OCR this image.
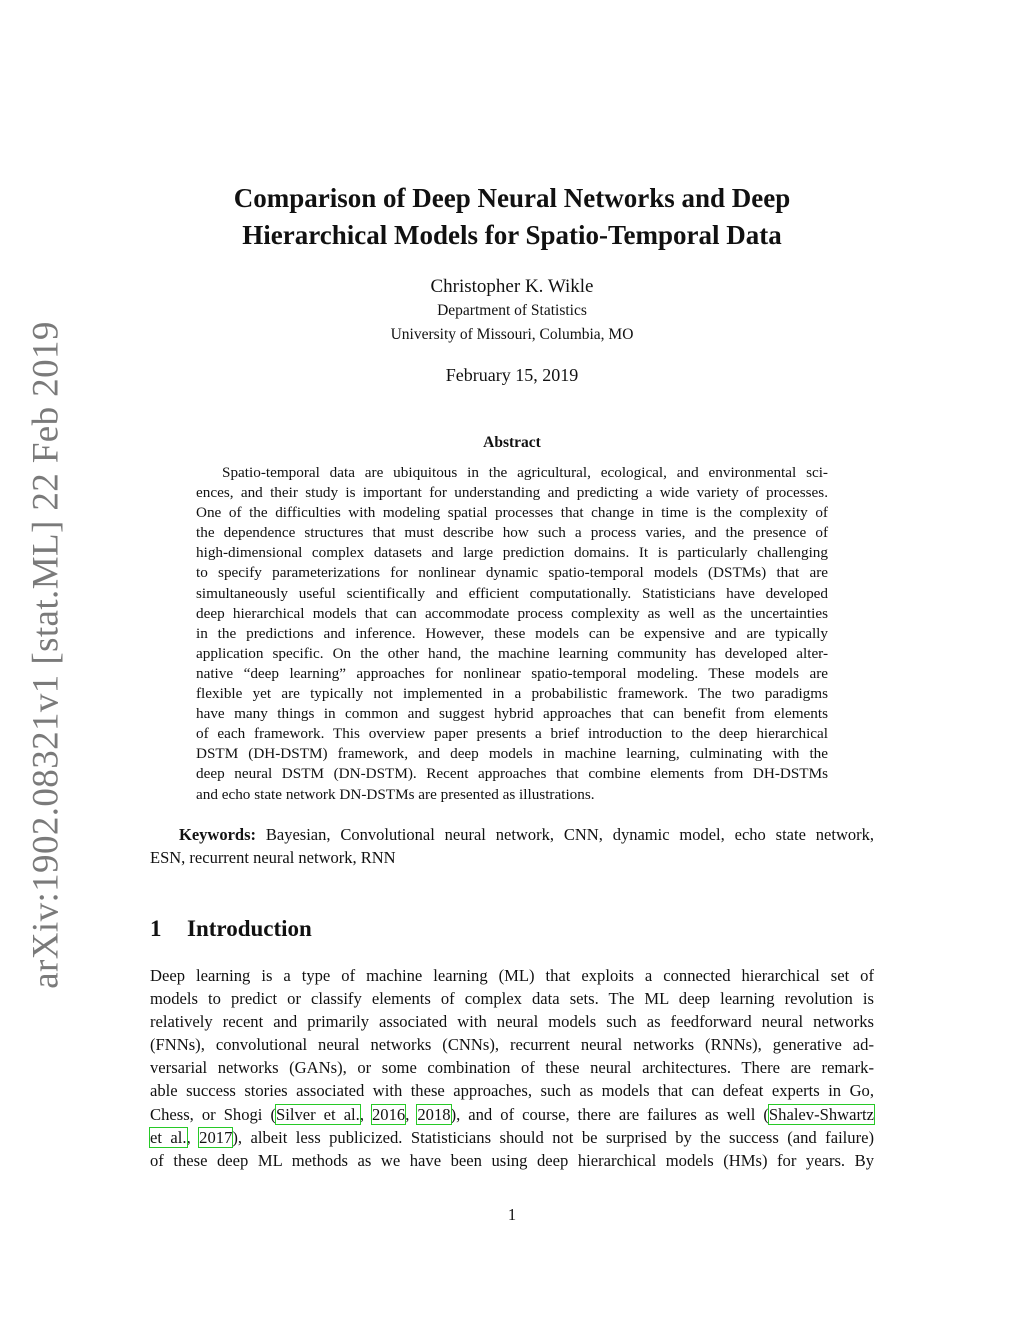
arXiv:1902.08321v1 [stat.ML] 22 Feb 2019
Comparison of Deep Neural Networks and Deep
Hierarchical Models for Spatio-Temporal Data
Christopher K. Wikle
Department of Statistics
University of Missouri, Columbia, MO
February 15, 2019
Abstract
Spatio-temporal data are ubiquitous in the agricultural, ecological, and environmental sci-
ences, and their study is important for understanding and predicting a wide variety of processes.
One of the difficulties with modeling spatial processes that change in time is the complexity of
the dependence structures that must describe how such a process varies, and the presence of
high-dimensional complex datasets and large prediction domains. It is particularly challenging
to specify parameterizations for nonlinear dynamic spatio-temporal models (DSTMs) that are
simultaneously useful scientifically and efficient computationally. Statisticians have developed
deep hierarchical models that can accommodate process complexity as well as the uncertainties
in the predictions and inference. However, these models can be expensive and are typically
application specific. On the other hand, the machine learning community has developed alter-
native “deep learning” approaches for nonlinear spatio-temporal modeling. These models are
flexible yet are typically not implemented in a probabilistic framework. The two paradigms
have many things in common and suggest hybrid approaches that can benefit from elements
of each framework. This overview paper presents a brief introduction to the deep hierarchical
DSTM (DH-DSTM) framework, and deep models in machine learning, culminating with the
deep neural DSTM (DN-DSTM). Recent approaches that combine elements from DH-DSTMs
and echo state network DN-DSTMs are presented as illustrations.
Keywords: Bayesian, Convolutional neural network, CNN, dynamic model, echo state network,
ESN, recurrent neural network, RNN
1 Introduction
Deep learning is a type of machine learning (ML) that exploits a connected hierarchical set of
models to predict or classify elements of complex data sets. The ML deep learning revolution is
relatively recent and primarily associated with neural models such as feedforward neural networks
(FNNs), convolutional neural networks (CNNs), recurrent neural networks (RNNs), generative ad-
versarial networks (GANs), or some combination of these neural architectures. There are remark-
able success stories associated with these approaches, such as models that can defeat experts in Go,
Chess, or Shogi (Silver et al., 2016, 2018), and of course, there are failures as well (Shalev-Shwartz
et al., 2017), albeit less publicized. Statisticians should not be surprised by the success (and failure)
of these deep ML methods as we have been using deep hierarchical models (HMs) for years. By
1
